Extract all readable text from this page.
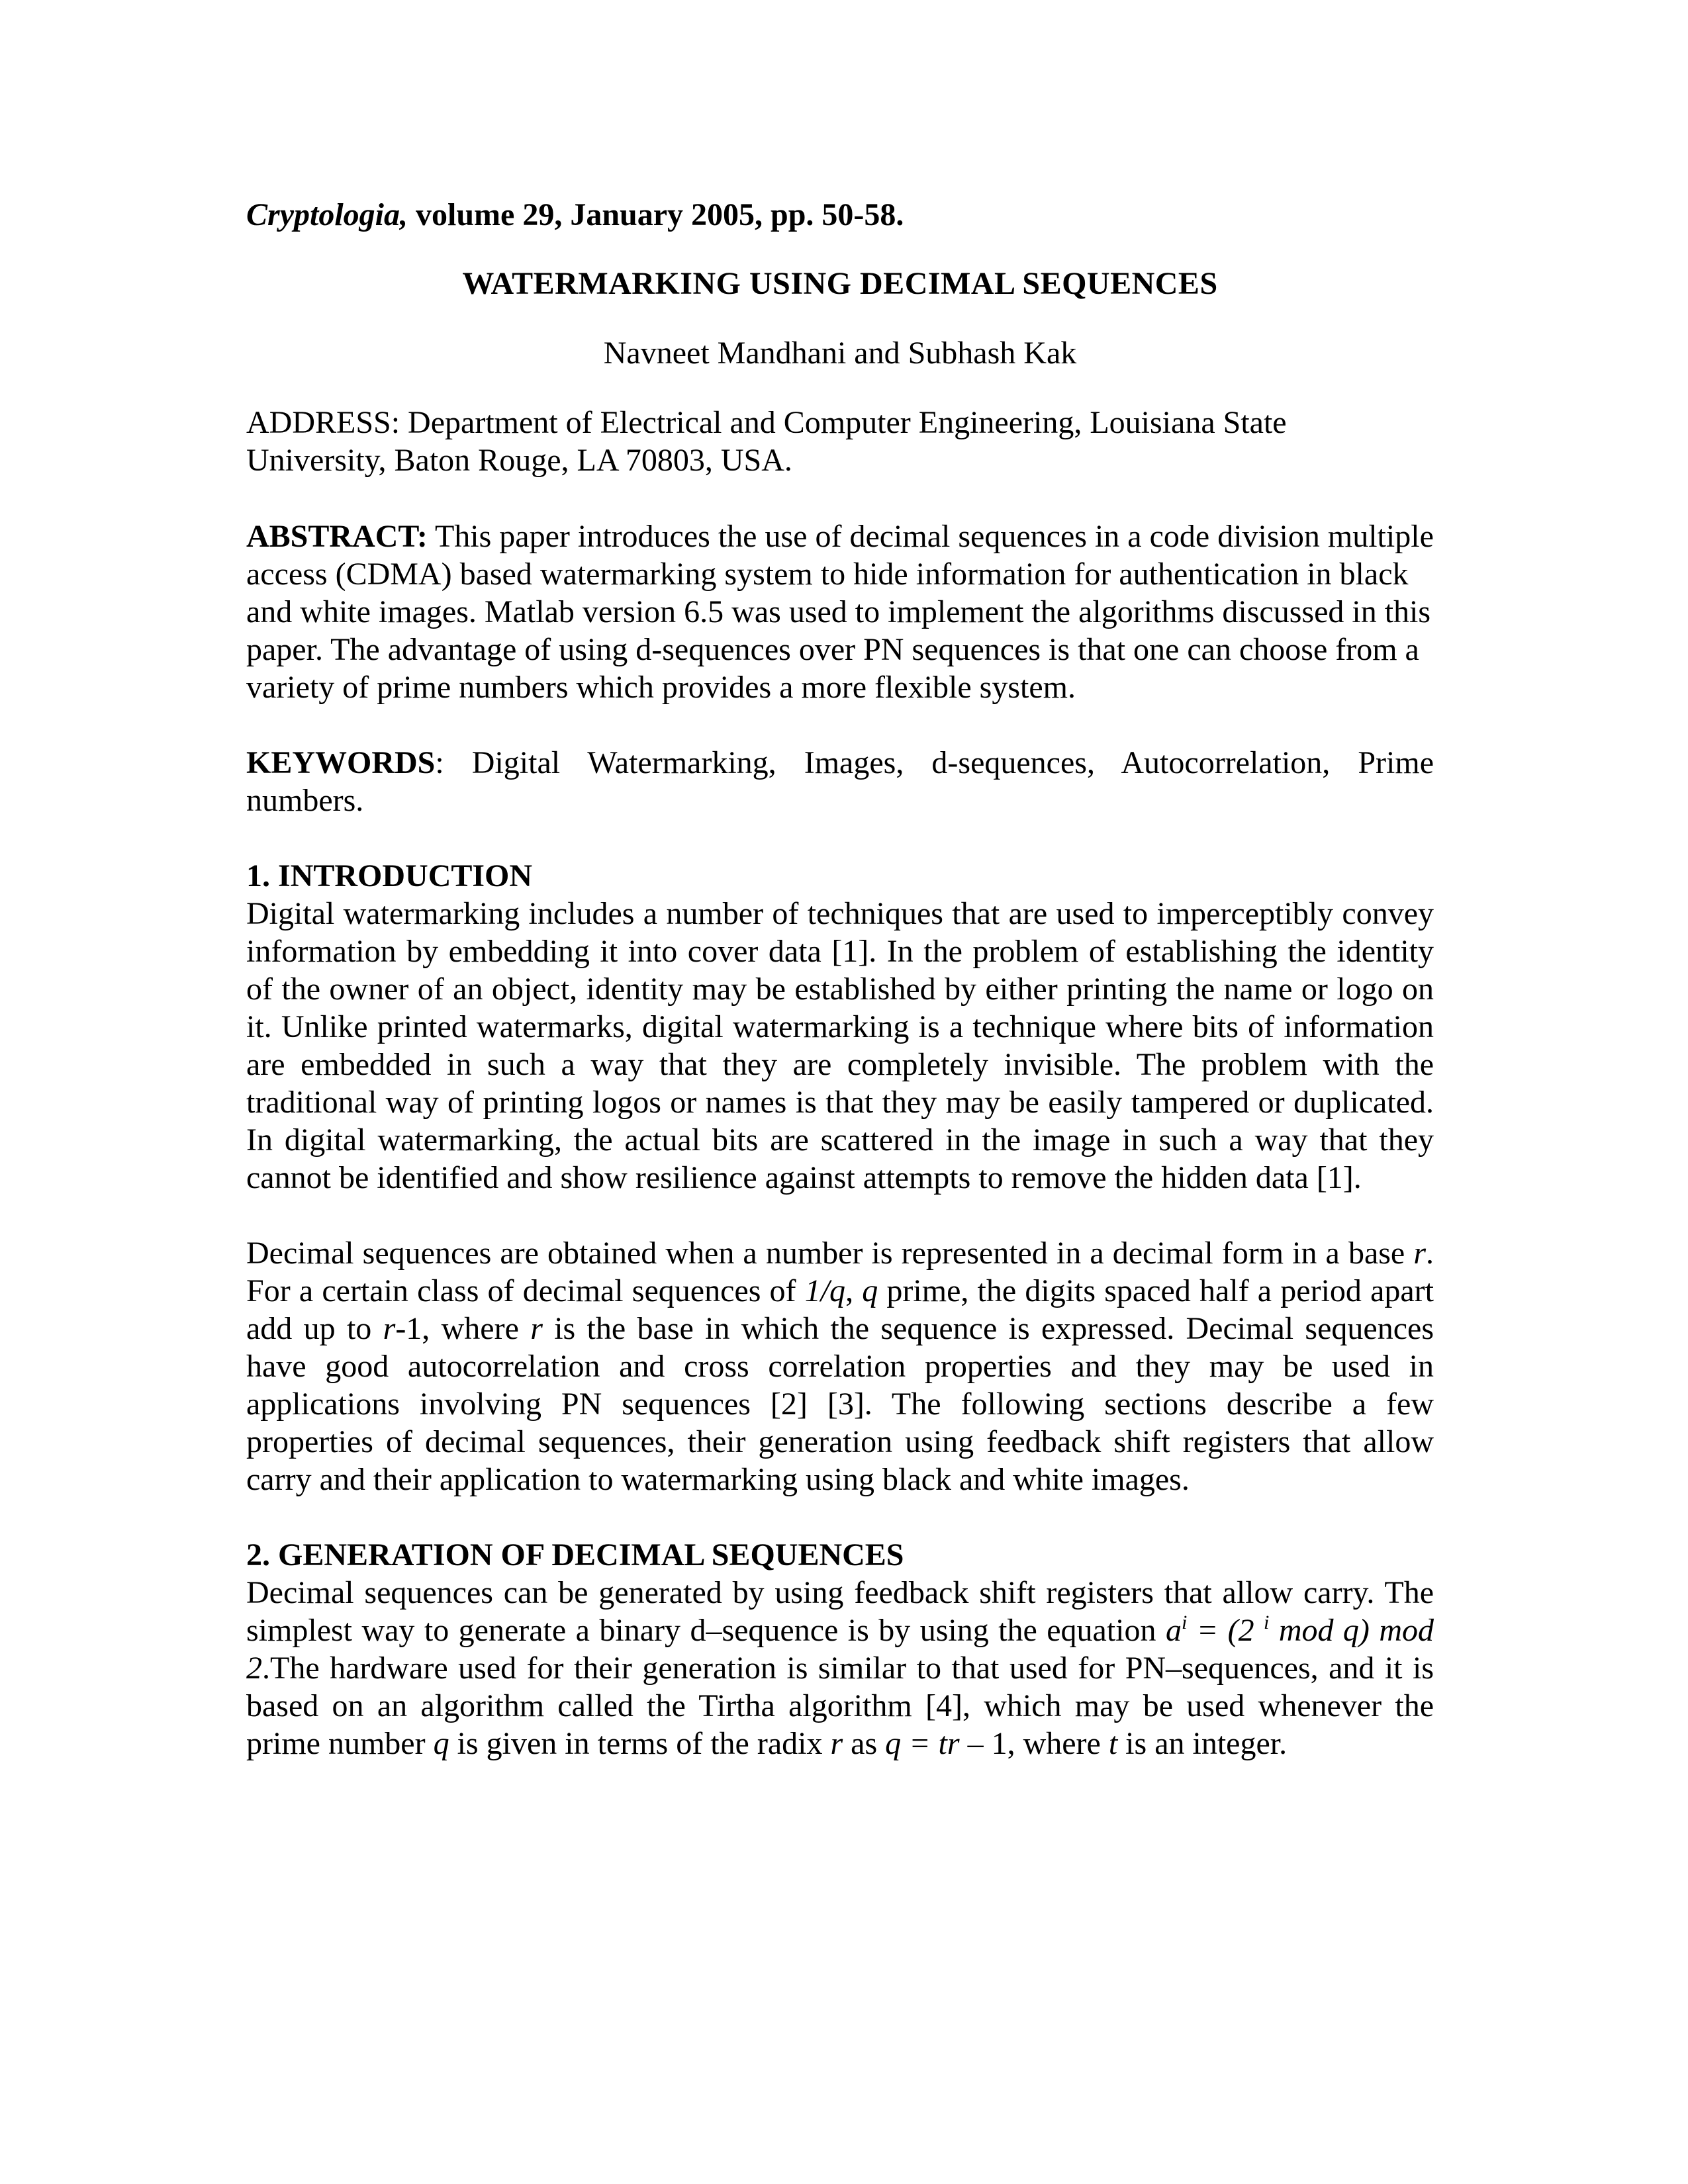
Cryptologia, volume 29, January 2005, pp. 50-58.

WATERMARKING USING DECIMAL SEQUENCES

Navneet Mandhani and Subhash Kak

ADDRESS: Department of Electrical and Computer Engineering, Louisiana State University, Baton Rouge, LA 70803, USA.

ABSTRACT: This paper introduces the use of decimal sequences in a code division multiple access (CDMA) based watermarking system to hide information for authentication in black and white images. Matlab version 6.5 was used to implement the algorithms discussed in this paper. The advantage of using d-sequences over PN sequences is that one can choose from a variety of prime numbers which provides a more flexible system.

KEYWORDS: Digital Watermarking, Images, d-sequences, Autocorrelation, Prime numbers.

1. INTRODUCTION

Digital watermarking includes a number of techniques that are used to imperceptibly convey information by embedding it into cover data [1]. In the problem of establishing the identity of the owner of an object, identity may be established by either printing the name or logo on it. Unlike printed watermarks, digital watermarking is a technique where bits of information are embedded in such a way that they are completely invisible. The problem with the traditional way of printing logos or names is that they may be easily tampered or duplicated. In digital watermarking, the actual bits are scattered in the image in such a way that they cannot be identified and show resilience against attempts to remove the hidden data [1].

Decimal sequences are obtained when a number is represented in a decimal form in a base r. For a certain class of decimal sequences of 1/q, q prime, the digits spaced half a period apart add up to r-1, where r is the base in which the sequence is expressed. Decimal sequences have good autocorrelation and cross correlation properties and they may be used in applications involving PN sequences [2] [3]. The following sections describe a few properties of decimal sequences, their generation using feedback shift registers that allow carry and their application to watermarking using black and white images.

2. GENERATION OF DECIMAL SEQUENCES

Decimal sequences can be generated by using feedback shift registers that allow carry. The simplest way to generate a binary d–sequence is by using the equation $a^i = (2$ $^i$ mod q) mod 2.The hardware used for their generation is similar to that used for PN–sequences, and it is based on an algorithm called the Tirtha algorithm [4], which may be used whenever the prime number q is given in terms of the radix r as q = tr – 1, where t is an integer.
